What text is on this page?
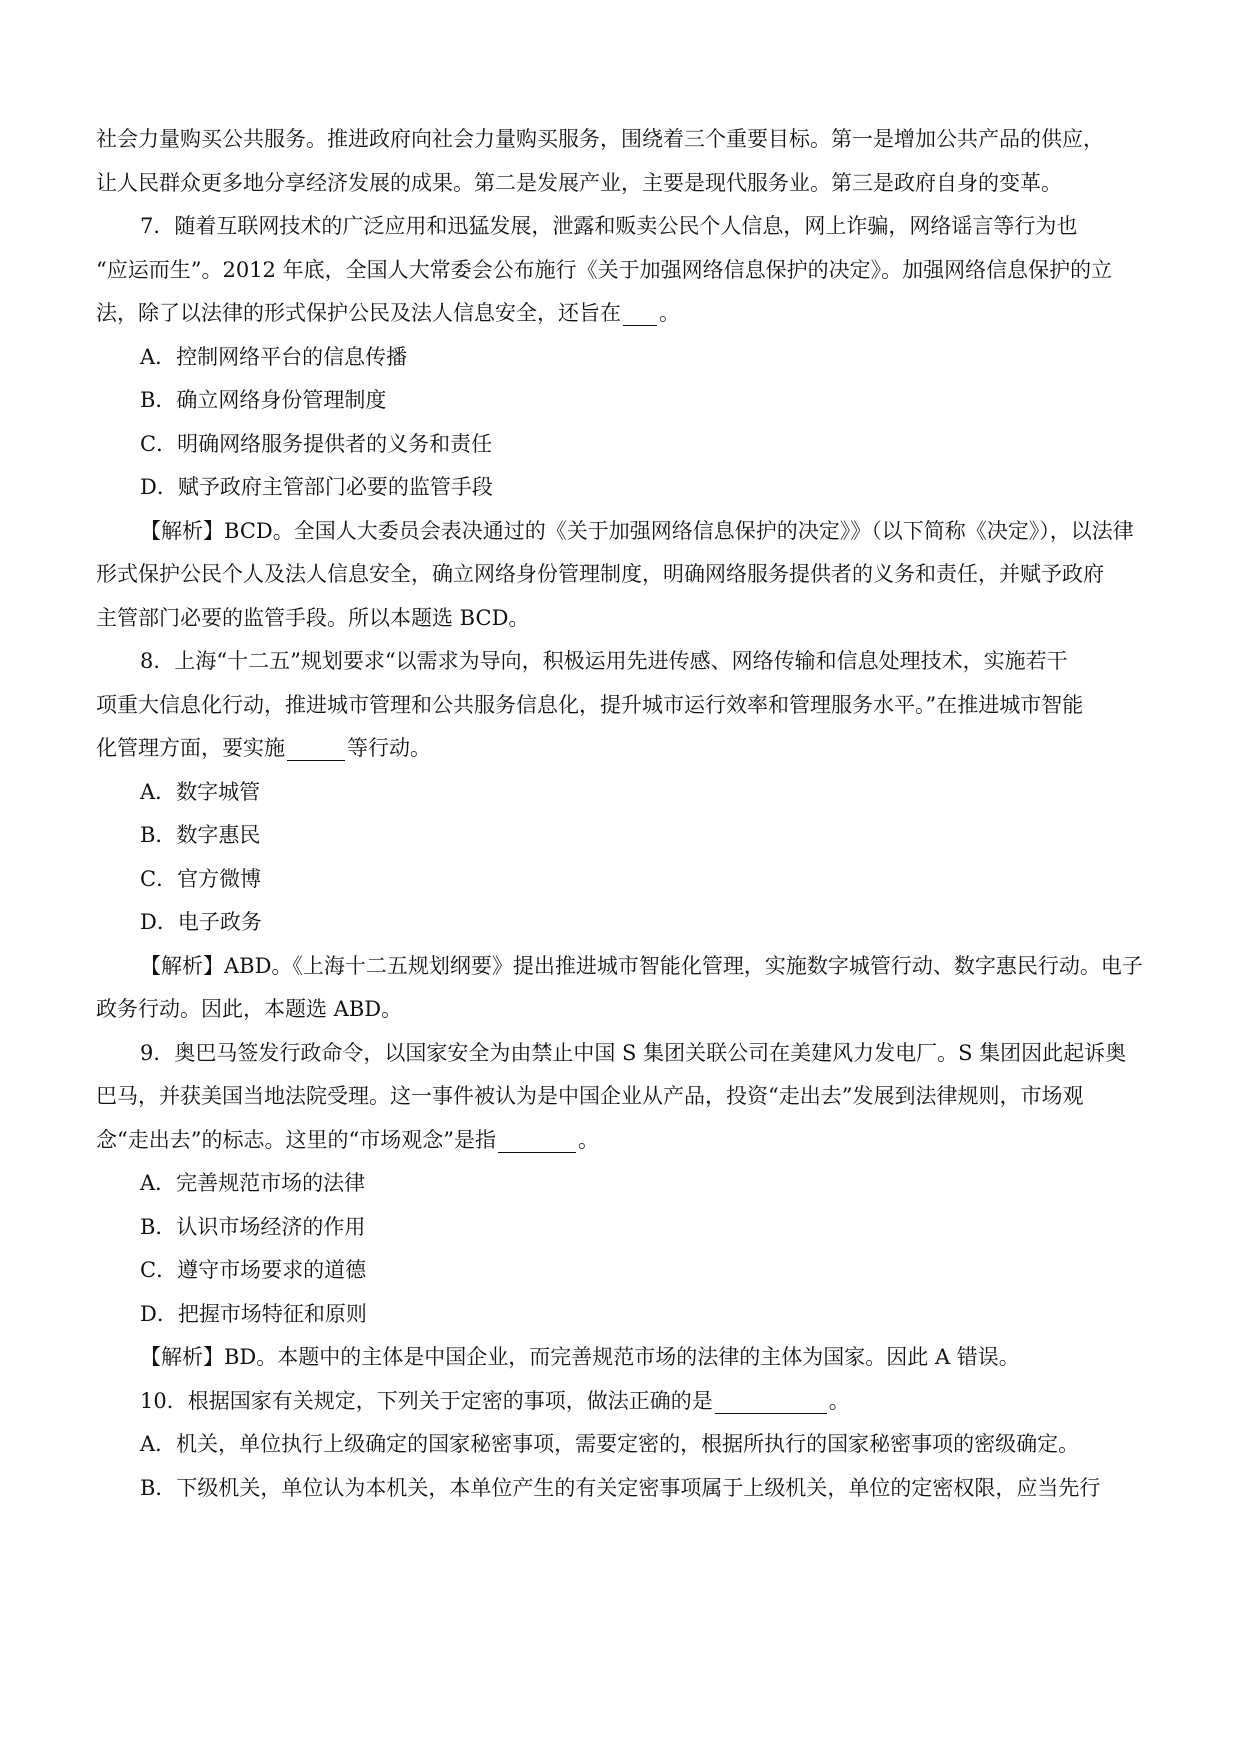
社会力量购买公共服务。推进政府向社会力量购买服务，围绕着三个重要目标。第一是增加公共产品的供应，
让人民群众更多地分享经济发展的成果。第二是发展产业，主要是现代服务业。第三是政府自身的变革。
7．随着互联网技术的广泛应用和迅猛发展，泄露和贩卖公民个人信息，网上诈骗，网络谣言等行为也
“应运而生”。2012 年底，全国人大常委会公布施行《关于加强网络信息保护的决定》。加强网络信息保护的立
法，除了以法律的形式保护公民及法人信息安全，还旨在 。
A．控制网络平台的信息传播
B．确立网络身份管理制度
C．明确网络服务提供者的义务和责任
D．赋予政府主管部门必要的监管手段
【解析】BCD。全国人大委员会表决通过的《关于加强网络信息保护的决定》》（以下简称《决定》），以法律
形式保护公民个人及法人信息安全，确立网络身份管理制度，明确网络服务提供者的义务和责任，并赋予政府
主管部门必要的监管手段。所以本题选 BCD。
8．上海“十二五”规划要求“以需求为导向，积极运用先进传感、网络传输和信息处理技术，实施若干
项重大信息化行动，推进城市管理和公共服务信息化，提升城市运行效率和管理服务水平。”在推进城市智能
化管理方面，要实施	等行动。
A．数字城管
B．数字惠民
C．官方微博
D．电子政务
【解析】ABD。《上海十二五规划纲要》提出推进城市智能化管理，实施数字城管行动、数字惠民行动。电子
政务行动。因此，本题选 ABD。
9．奥巴马签发行政命令，以国家安全为由禁止中国 S 集团关联公司在美建风力发电厂。S 集团因此起诉奥
巴马，并获美国当地法院受理。这一事件被认为是中国企业从产品，投资“走出去”发展到法律规则，市场观
念“走出去”的标志。这里的“市场观念”是指	。
A．完善规范市场的法律
B．认识市场经济的作用
C．遵守市场要求的道德
D．把握市场特征和原则
【解析】BD。本题中的主体是中国企业，而完善规范市场的法律的主体为国家。因此 A 错误。
10．根据国家有关规定，下列关于定密的事项，做法正确的是	。
A．机关，单位执行上级确定的国家秘密事项，需要定密的，根据所执行的国家秘密事项的密级确定。
B．下级机关，单位认为本机关，本单位产生的有关定密事项属于上级机关，单位的定密权限，应当先行
